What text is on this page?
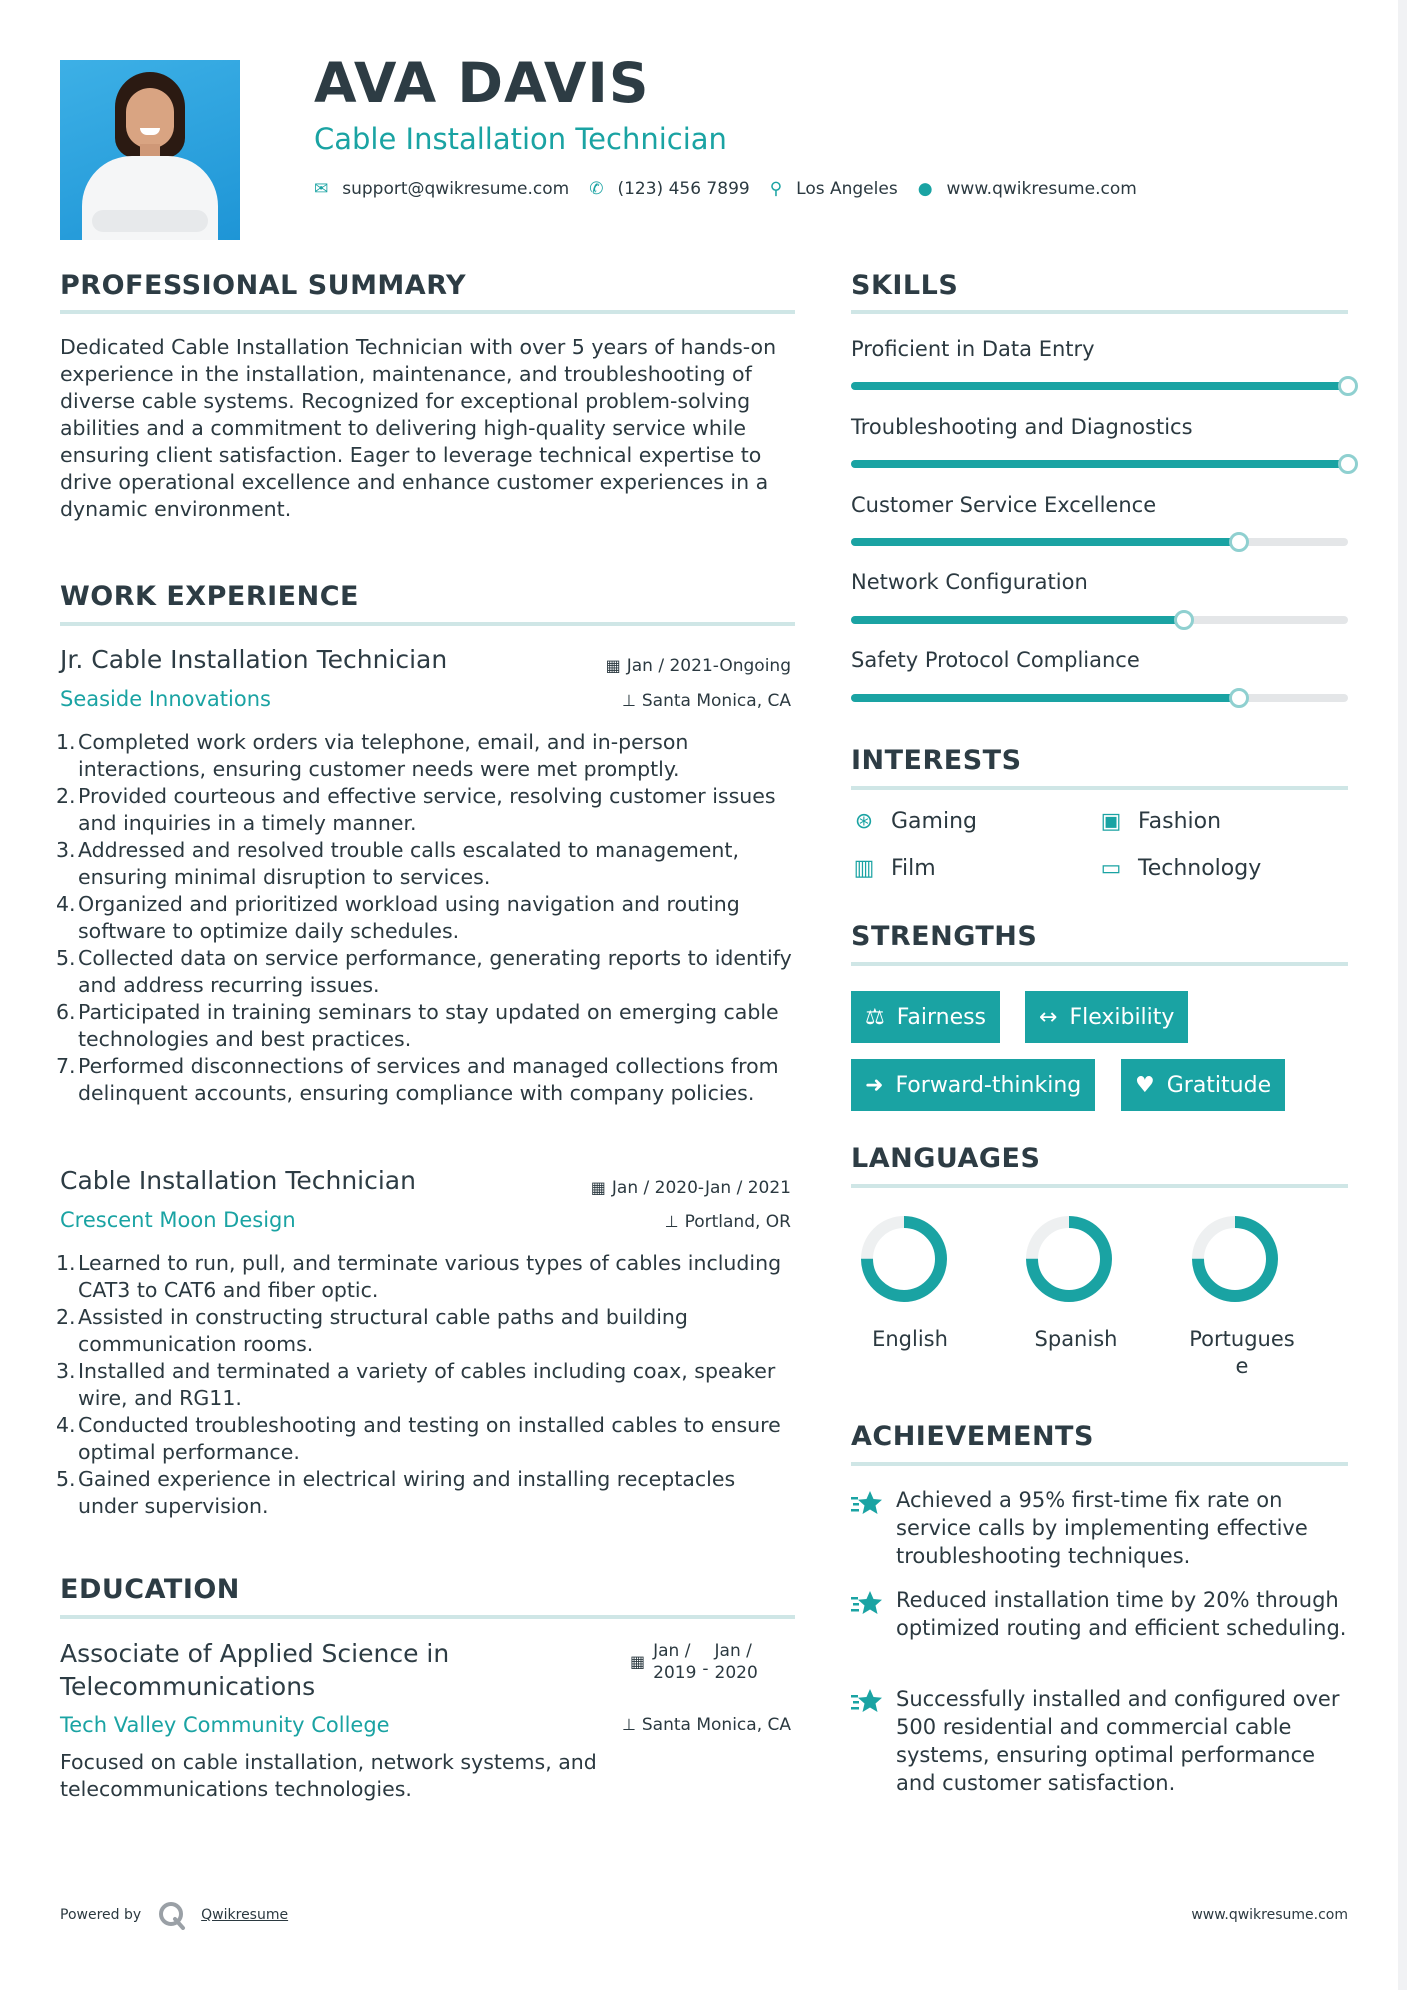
AVA DAVIS
Cable Installation Technician
✉ support@qwikresume.com ✆ (123) 456 7899 ⚲ Los Angeles ● www.qwikresume.com
PROFESSIONAL SUMMARY
Dedicated Cable Installation Technician with over 5 years of hands-on experience in the installation, maintenance, and troubleshooting of diverse cable systems. Recognized for exceptional problem-solving abilities and a commitment to delivering high-quality service while ensuring client satisfaction. Eager to leverage technical expertise to drive operational excellence and enhance customer experiences in a dynamic environment.
WORK EXPERIENCE
Jr. Cable Installation Technician	▦ Jan / 2021-Ongoing
Seaside Innovations	⊥ Santa Monica, CA
1. Completed work orders via telephone, email, and in-person interactions, ensuring customer needs were met promptly.
2. Provided courteous and effective service, resolving customer issues and inquiries in a timely manner.
3. Addressed and resolved trouble calls escalated to management, ensuring minimal disruption to services.
4. Organized and prioritized workload using navigation and routing software to optimize daily schedules.
5. Collected data on service performance, generating reports to identify and address recurring issues.
6. Participated in training seminars to stay updated on emerging cable technologies and best practices.
7. Performed disconnections of services and managed collections from delinquent accounts, ensuring compliance with company policies.
Cable Installation Technician	▦ Jan / 2020-Jan / 2021
Crescent Moon Design	⊥ Portland, OR
1. Learned to run, pull, and terminate various types of cables including CAT3 to CAT6 and fiber optic.
2. Assisted in constructing structural cable paths and building communication rooms.
3. Installed and terminated a variety of cables including coax, speaker wire, and RG11.
4. Conducted troubleshooting and testing on installed cables to ensure optimal performance.
5. Gained experience in electrical wiring and installing receptacles under supervision.
EDUCATION
Associate of Applied Science in
Telecommunications
▦
Jan /
2019 -
Jan /
2020
Tech Valley Community College	⊥ Santa Monica, CA
Focused on cable installation, network systems, and telecommunications technologies.
SKILLS
Proficient in Data Entry
Troubleshooting and Diagnostics
Customer Service Excellence
Network Configuration
Safety Protocol Compliance
INTERESTS
⊛ Gaming	▣ Fashion
▥ Film	▭ Technology
STRENGTHS
⚖ Fairness ↔ Flexibility
➜ Forward-thinking ♥ Gratitude
LANGUAGES
English	Spanish	Portugues
e
ACHIEVEMENTS
Achieved a 95% first-time fix rate on service calls by implementing effective troubleshooting techniques.
Reduced installation time by 20% through optimized routing and efficient scheduling.
Successfully installed and configured over 500 residential and commercial cable systems, ensuring optimal performance and customer satisfaction.
Powered by	Qwikresume	www.qwikresume.com
